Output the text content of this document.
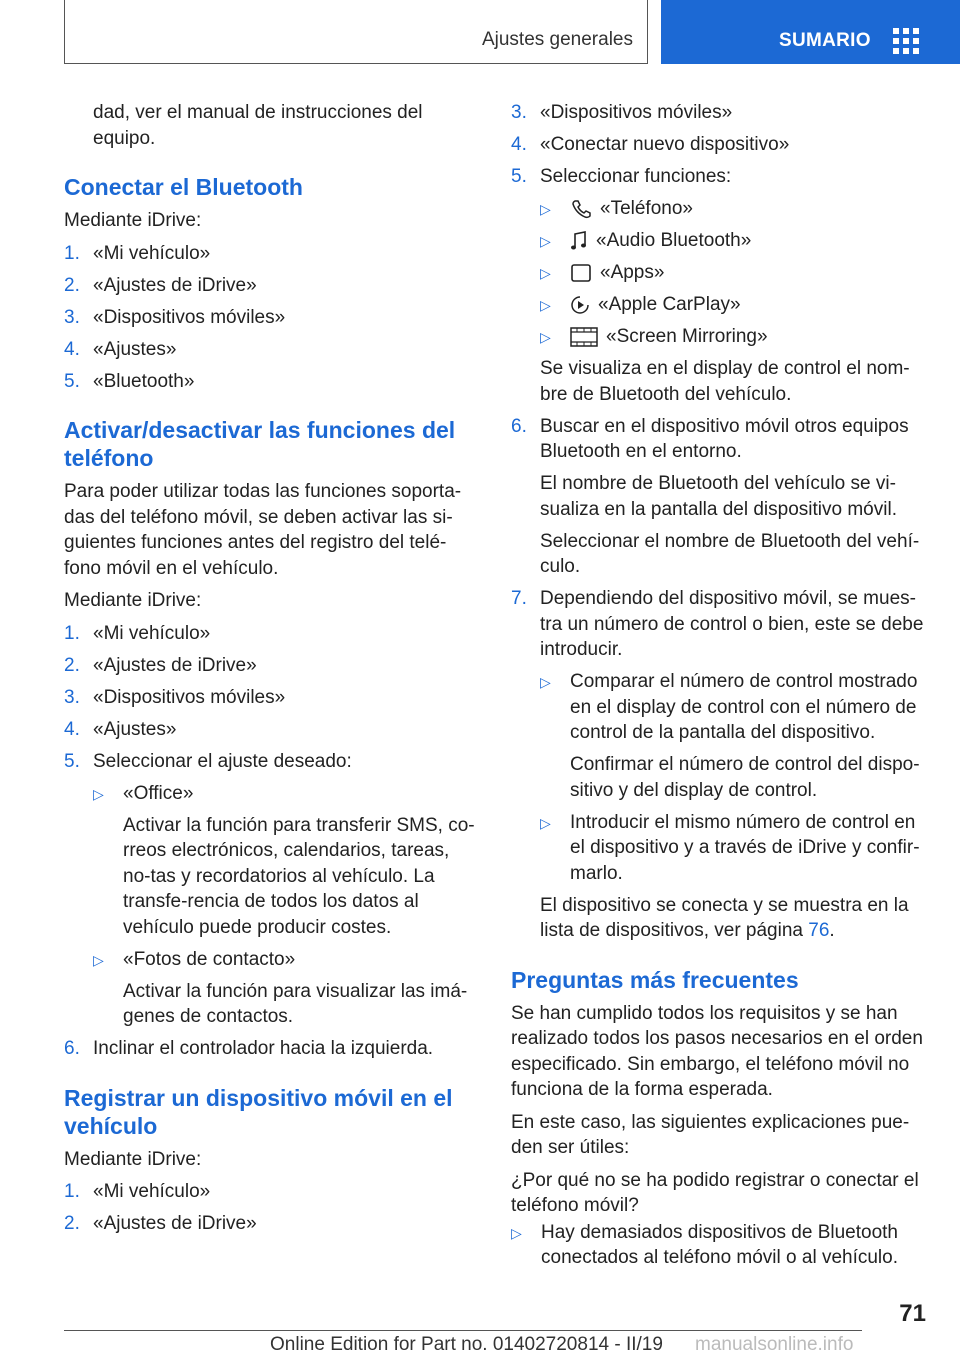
Ajustes generales	SUMARIO

dad, ver el manual de instrucciones del equipo.

Conectar el Bluetooth

Mediante iDrive:

1. «Mi vehículo»
2. «Ajustes de iDrive»
3. «Dispositivos móviles»
4. «Ajustes»
5. «Bluetooth»
Activar/desactivar las funciones del teléfono

Para poder utilizar todas las funciones soporta-das del teléfono móvil, se deben activar las si-guientes funciones antes del registro del telé-fono móvil en el vehículo.

Mediante iDrive:

1. «Mi vehículo»
2. «Ajustes de iDrive»
3. «Dispositivos móviles»
4. «Ajustes»
5. Seleccionar el ajuste deseado:
▷ «Office»
Activar la función para transferir SMS, co-rreos electrónicos, calendarios, tareas, no-tas y recordatorios al vehículo. La transfe-rencia de todos los datos al vehículo puede producir costes.
▷ «Fotos de contacto»
Activar la función para visualizar las imá-genes de contactos.
6. Inclinar el controlador hacia la izquierda.
Registrar un dispositivo móvil en el vehículo

Mediante iDrive:

1. «Mi vehículo»
2. «Ajustes de iDrive»
3. «Dispositivos móviles»
4. «Conectar nuevo dispositivo»
5. Seleccionar funciones:
▷	«Teléfono»
▷ «Audio Bluetooth»
▷	«Apps»
▷ «Apple CarPlay»
▷	«Screen Mirroring»
Se visualiza en el display de control el nom-bre de Bluetooth del vehículo.
6. Buscar en el dispositivo móvil otros equipos Bluetooth en el entorno.
El nombre de Bluetooth del vehículo se vi-sualiza en la pantalla del dispositivo móvil.
Seleccionar el nombre de Bluetooth del vehí-culo.
7. Dependiendo del dispositivo móvil, se mues-tra un número de control o bien, este se debe introducir.
▷ Comparar el número de control mostrado en el display de control con el número de control de la pantalla del dispositivo.
Confirmar el número de control del dispo-sitivo y del display de control.
▷ Introducir el mismo número de control en el dispositivo y a través de iDrive y confir-marlo.
El dispositivo se conecta y se muestra en la lista de dispositivos, ver página 76.
Preguntas más frecuentes

Se han cumplido todos los requisitos y se han realizado todos los pasos necesarios en el orden especificado. Sin embargo, el teléfono móvil no funciona de la forma esperada.

En este caso, las siguientes explicaciones pue-den ser útiles:

¿Por qué no se ha podido registrar o conectar el teléfono móvil?

▷ Hay demasiados dispositivos de Bluetooth conectados al teléfono móvil o al vehículo.
71
Online Edition for Part no. 01402720814 - II/19 manualsonline.info
